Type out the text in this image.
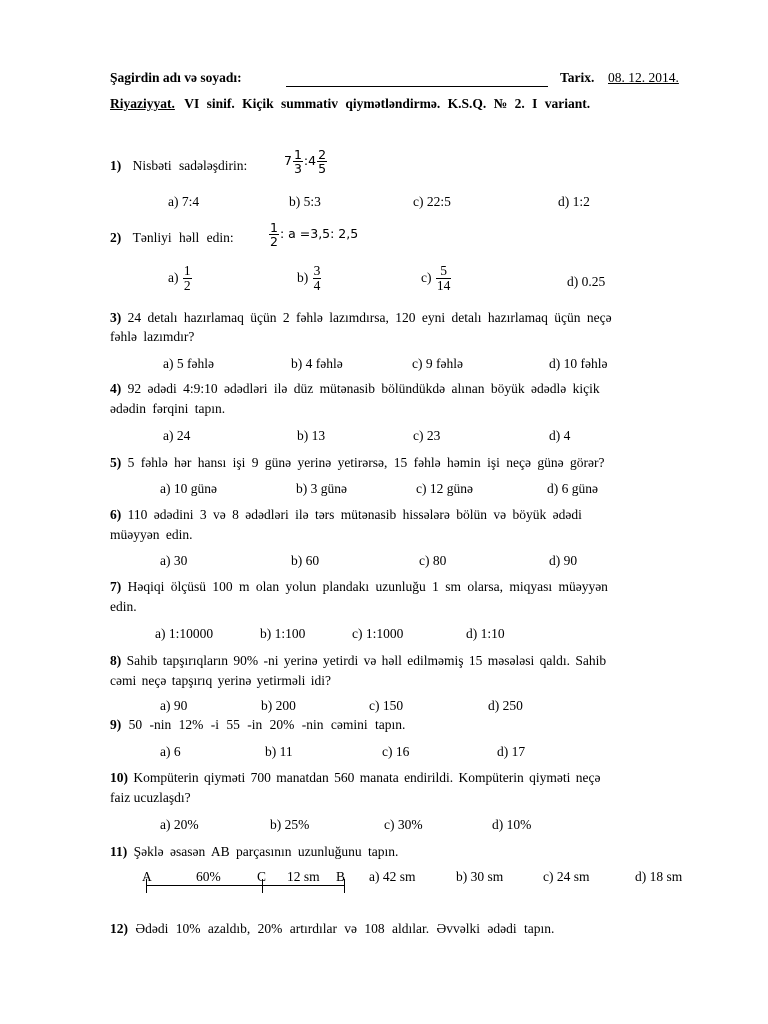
Şagirdin adı və soyadı:	Tarix. 08. 12. 2014.
Riyaziyyat. VI sinif. Kiçik summativ qiymətləndirmə. K.S.Q. № 2. I variant.
1) Nisbəti sadələşdirin:	$7 \frac{1}{3}$ :4 $\frac{2}{5}$
a) 7:4	b) 5:3	c) 22:5	d) 1:2
2) Tənliyi həll edin:	$\frac{1}{2}$ : a =3,5: 2,5
$a) \frac{1}{2}$	$b) \frac{3}{4}$	$c) \frac{5}{14}$	d) 0.25
3) 24 detalı hazırlamaq üçün 2 fəhlə lazımdırsa, 120 eyni detalı hazırlamaq üçün neçə
fəhlə lazımdır?
a) 5 fəhlə	b) 4 fəhlə	c) 9 fəhlə	d) 10 fəhlə
4) 92 ədədi 4:9:10 ədədləri ilə düz mütənasib bölündükdə alınan böyük ədədlə kiçik
ədədin fərqini tapın.
a) 24	b) 13	c) 23	d) 4
5) 5 fəhlə hər hansı işi 9 günə yerinə yetirərsə, 15 fəhlə həmin işi neçə günə görər?
a) 10 günə	b) 3 günə	c) 12 günə	d) 6 günə
6) 110 ədədini 3 və 8 ədədləri ilə tərs mütənasib hissələrə bölün və böyük ədədi
müəyyən edin.
a) 30	b) 60	c) 80	d) 90
7) Həqiqi ölçüsü 100 m olan yolun plandakı uzunluğu 1 sm olarsa, miqyası müəyyən
edin.
a) 1:10000	b) 1:100	c) 1:1000	d) 1:10
8) Sahib tapşırıqların 90% -ni yerinə yetirdi və həll edilməmiş 15 məsələsi qaldı. Sahib
cəmi neçə tapşırıq yerinə yetirməli idi?
a) 90	b) 200	c) 150	d) 250
9) 50 -nin 12% -i 55 -in 20% -nin cəmini tapın.
a) 6	b) 11	c) 16	d) 17
10) Kompüterin qiyməti 700 manatdan 560 manata endirildi. Kompüterin qiyməti neçə
faiz ucuzlaşdı?
a) 20%	b) 25%	c) 30%	d) 10%
11) Şəklə əsasən AB parçasının uzunluğunu tapın.
A	60%	C 12 sm B a) 42 sm	b) 30 sm	c) 24 sm	d) 18 sm
12) Ədədi 10% azaldıb, 20% artırdılar və 108 aldılar. Əvvəlki ədədi tapın.
